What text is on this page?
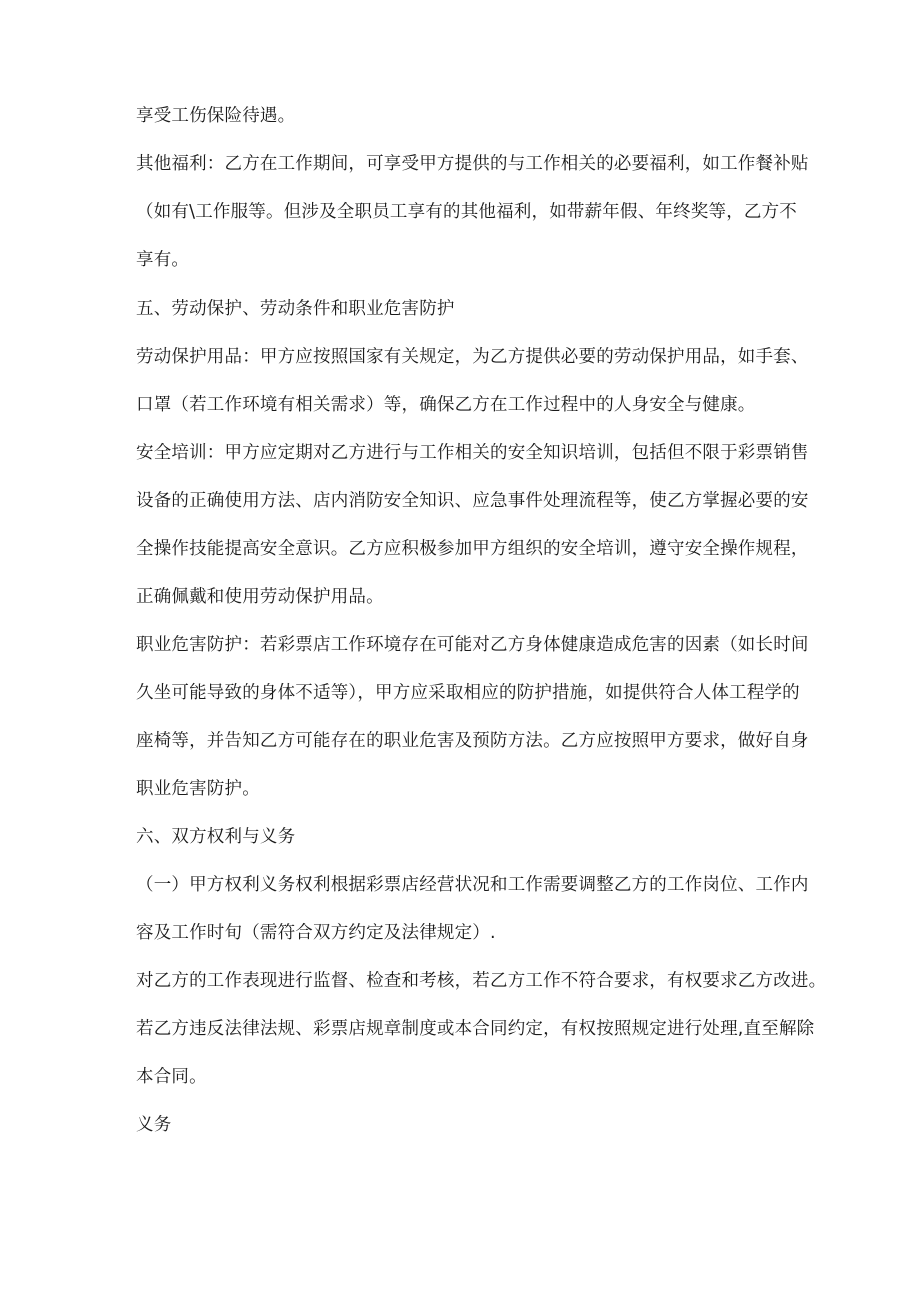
享受工伤保险待遇。
其他福利：乙方在工作期间，可享受甲方提供的与工作相关的必要福利，如工作餐补贴
（如有\工作服等。但涉及全职员工享有的其他福利，如带薪年假、年终奖等，乙方不
享有。
五、劳动保护、劳动条件和职业危害防护
劳动保护用品：甲方应按照国家有关规定，为乙方提供必要的劳动保护用品，如手套、
口罩（若工作环境有相关需求）等，确保乙方在工作过程中的人身安全与健康。
安全培训：甲方应定期对乙方进行与工作相关的安全知识培训，包括但不限于彩票销售
设备的正确使用方法、店内消防安全知识、应急事件处理流程等，使乙方掌握必要的安
全操作技能提高安全意识。乙方应积极参加甲方组织的安全培训，遵守安全操作规程，
正确佩戴和使用劳动保护用品。
职业危害防护：若彩票店工作环境存在可能对乙方身体健康造成危害的因素（如长时间
久坐可能导致的身体不适等），甲方应采取相应的防护措施，如提供符合人体工程学的
座椅等，并告知乙方可能存在的职业危害及预防方法。乙方应按照甲方要求，做好自身
职业危害防护。
六、双方权利与义务
（一）甲方权利义务权利根据彩票店经营状况和工作需要调整乙方的工作岗位、工作内
容及工作时旬（需符合双方约定及法律规定）.
对乙方的工作表现进行监督、检查和考核，若乙方工作不符合要求，有权要求乙方改进。
若乙方违反法律法规、彩票店规章制度或本合同约定，有权按照规定进行处理,直至解除
本合同。
义务
